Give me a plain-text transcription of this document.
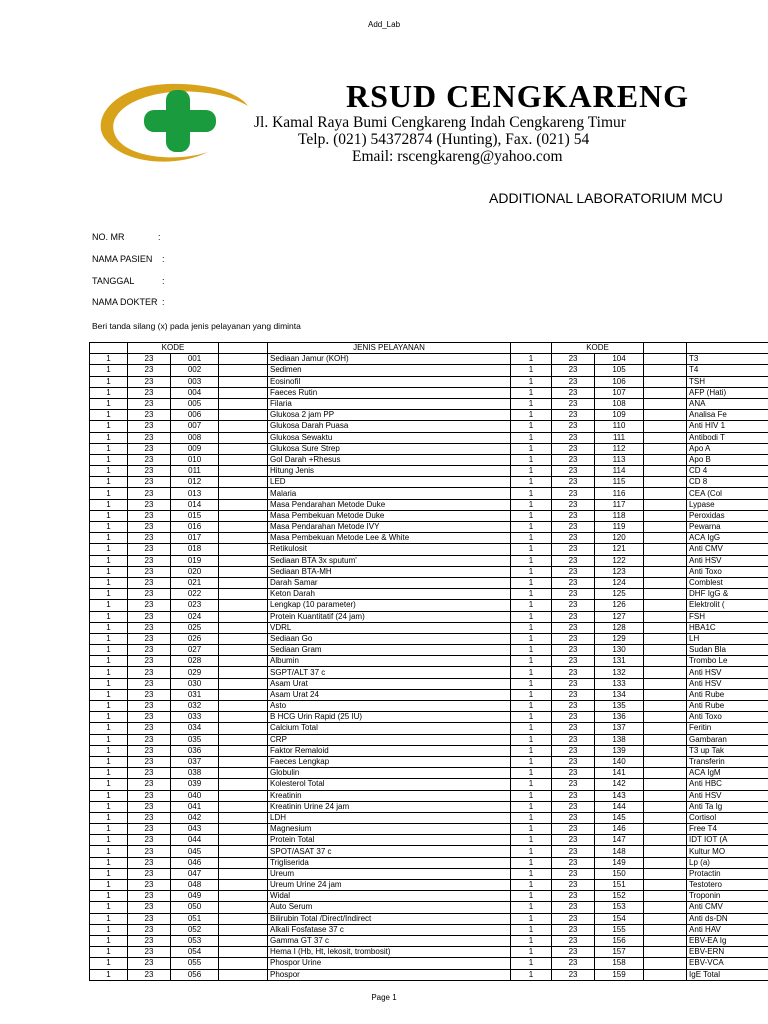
Add_Lab
RSUD CENGKARENG
Jl. Kamal Raya Bumi Cengkareng Indah Cengkareng Timur
Telp. (021) 54372874 (Hunting), Fax. (021) 54
Email: rscengkareng@yahoo.com
ADDITIONAL LABORATORIUM MCU
NO. MR	:
NAMA PASIEN :
TANGGAL	:
NAMA DOKTER :
Beri tanda silang (x) pada jenis pelayanan yang diminta
	KODE			JENIS PELAYANAN		KODE			
1	23	001		Sediaan Jamur (KOH)	1	23	104		T3
1	23	002		Sedimen	1	23	105		T4
1	23	003		Eosinofil	1	23	106		TSH
1	23	004		Faeces Rutin	1	23	107		AFP (Hati)
1	23	005		Filaria	1	23	108		ANA
1	23	006		Glukosa 2 jam PP	1	23	109		Analisa Fe
1	23	007		Glukosa Darah Puasa	1	23	110		Anti HIV 1
1	23	008		Glukosa Sewaktu	1	23	111		Antibodi T
1	23	009		Glukosa Sure Strep	1	23	112		Apo A
1	23	010		Gol Darah +Rhesus	1	23	113		Apo B
1	23	011		Hitung Jenis	1	23	114		CD 4
1	23	012		LED	1	23	115		CD 8
1	23	013		Malaria	1	23	116		CEA (Col
1	23	014		Masa Pendarahan Metode Duke	1	23	117		Lypase
1	23	015		Masa Pembekuan Metode Duke	1	23	118		Peroxidas
1	23	016		Masa Pendarahan Metode IVY	1	23	119		Pewarna
1	23	017		Masa Pembekuan Metode Lee & White	1	23	120		ACA IgG
1	23	018		Retikulosit	1	23	121		Anti CMV
1	23	019		Sediaan BTA 3x sputum'	1	23	122		Anti HSV
1	23	020		Sediaan BTA-MH	1	23	123		Anti Toxo
1	23	021		Darah Samar	1	23	124		Comblest
1	23	022		Keton Darah	1	23	125		DHF IgG &
1	23	023		Lengkap (10 parameter)	1	23	126		Elektrolit (
1	23	024		Protein Kuantitatif (24 jam)	1	23	127		FSH
1	23	025		VDRL	1	23	128		HBA1C
1	23	026		Sediaan Go	1	23	129		LH
1	23	027		Sediaan Gram	1	23	130		Sudan Bla
1	23	028		Albumin	1	23	131		Trombo Le
1	23	029		SGPT/ALT 37 c	1	23	132		Anti HSV
1	23	030		Asam Urat	1	23	133		Anti HSV
1	23	031		Asam Urat 24	1	23	134		Anti Rube
1	23	032		Asto	1	23	135		Anti Rube
1	23	033		B HCG Urin Rapid (25 IU)	1	23	136		Anti Toxo
1	23	034		Calcium Total	1	23	137		Feritin
1	23	035		CRP	1	23	138		Gambaran
1	23	036		Faktor Remaloid	1	23	139		T3 up Tak
1	23	037		Faeces Lengkap	1	23	140		Transferin
1	23	038		Globulin	1	23	141		ACA IgM
1	23	039		Kolesterol Total	1	23	142		Anti HBC
1	23	040		Kreatinin	1	23	143		Anti HSV
1	23	041		Kreatinin Urine 24 jam	1	23	144		Anti Ta Ig
1	23	042		LDH	1	23	145		Cortisol
1	23	043		Magnesium	1	23	146		Free T4
1	23	044		Protein Total	1	23	147		IDT IOT (A
1	23	045		SPOT/ASAT 37 c	1	23	148		Kultur MO
1	23	046		Trigliserida	1	23	149		Lp (a)
1	23	047		Ureum	1	23	150		Protactin
1	23	048		Ureum Urine 24 jam	1	23	151		Testotero
1	23	049		Widal	1	23	152		Troponin
1	23	050		Auto Serum	1	23	153		Anti CMV
1	23	051		Bilirubin Total /Direct/Indirect	1	23	154		Anti ds-DN
1	23	052		Alkali Fosfatase 37 c	1	23	155		Anti HAV
1	23	053		Gamma GT 37 c	1	23	156		EBV-EA Ig
1	23	054		Hema I (Hb, Ht, lekosit, trombosit)	1	23	157		EBV-ERN
1	23	055		Phospor Urine	1	23	158		EBV-VCA
1	23	056		Phospor	1	23	159		IgE Total
Page 1
